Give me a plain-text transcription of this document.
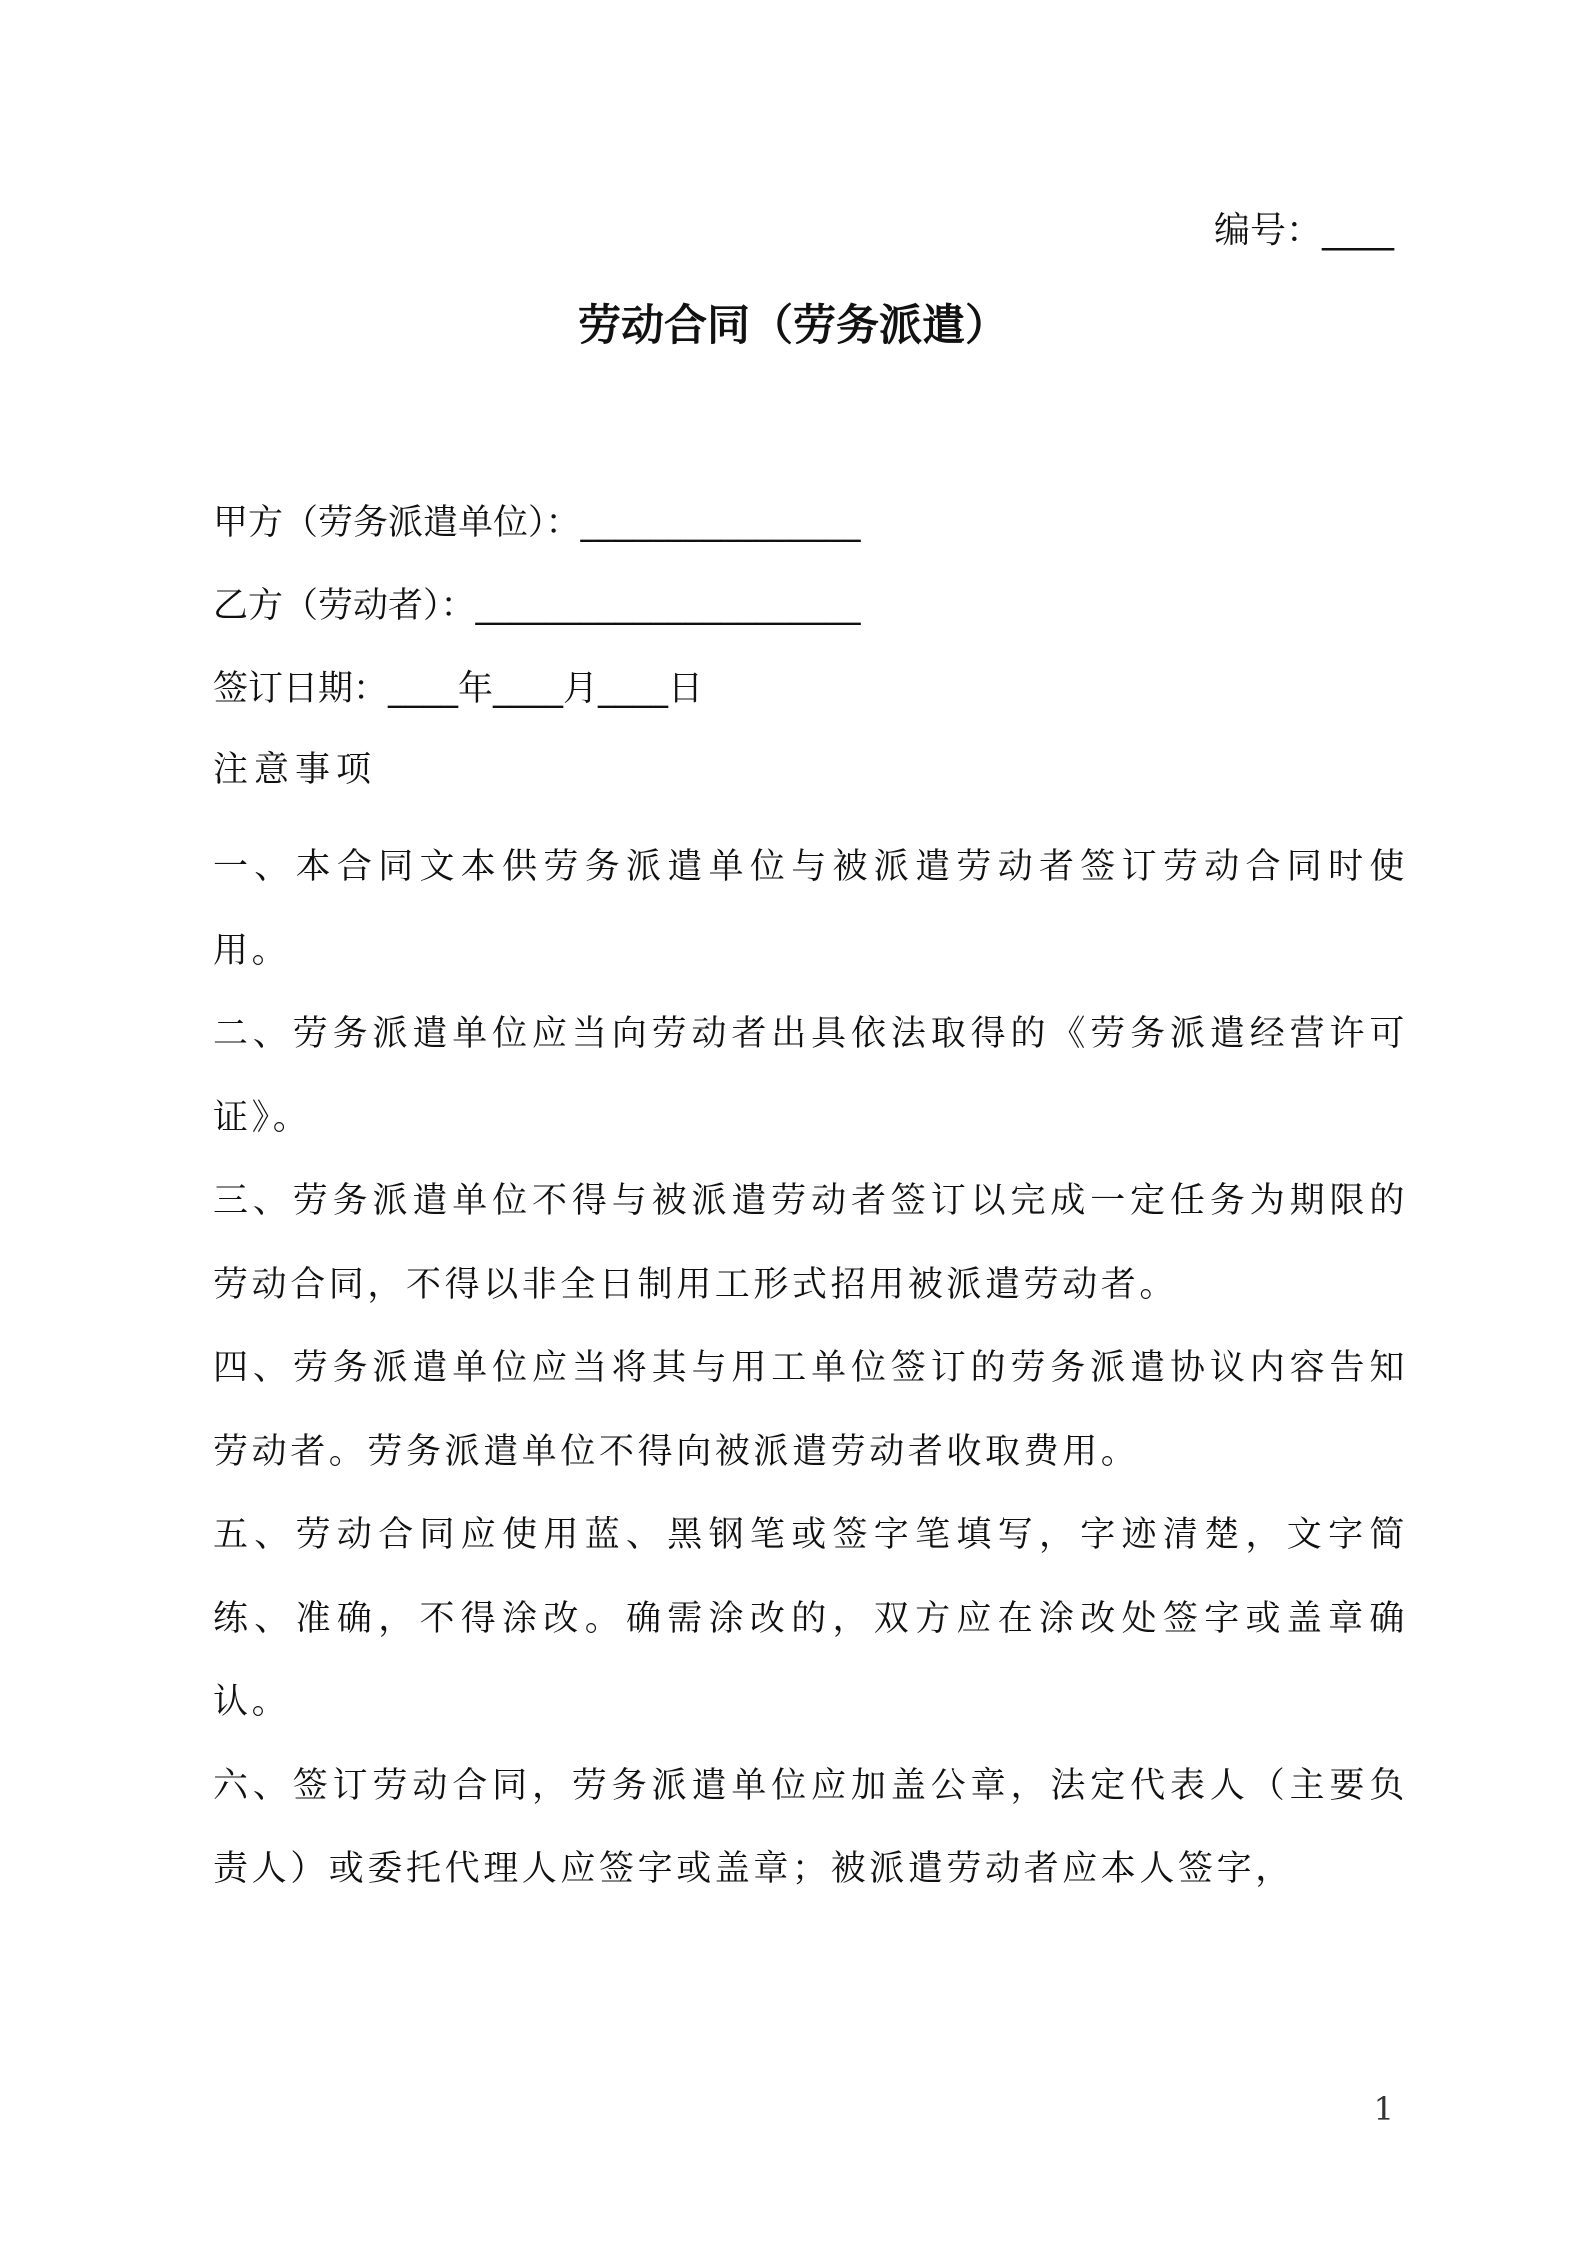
编号：____
劳动合同（劳务派遣）
甲方（劳务派遣单位）：________________
乙方（劳动者）：______________________
签订日期：____年____月____日
注意事项

一、本合同文本供劳务派遣单位与被派遣劳动者签订劳动合同时使用。

二、劳务派遣单位应当向劳动者出具依法取得的《劳务派遣经营许可证》。

三、劳务派遣单位不得与被派遣劳动者签订以完成一定任务为期限的劳动合同，不得以非全日制用工形式招用被派遣劳动者。

四、劳务派遣单位应当将其与用工单位签订的劳务派遣协议内容告知劳动者。劳务派遣单位不得向被派遣劳动者收取费用。

五、劳动合同应使用蓝、黑钢笔或签字笔填写，字迹清楚，文字简练、准确，不得涂改。确需涂改的，双方应在涂改处签字或盖章确认。

六、签订劳动合同，劳务派遣单位应加盖公章，法定代表人（主要负责人）或委托代理人应签字或盖章；被派遣劳动者应本人签字，

1
